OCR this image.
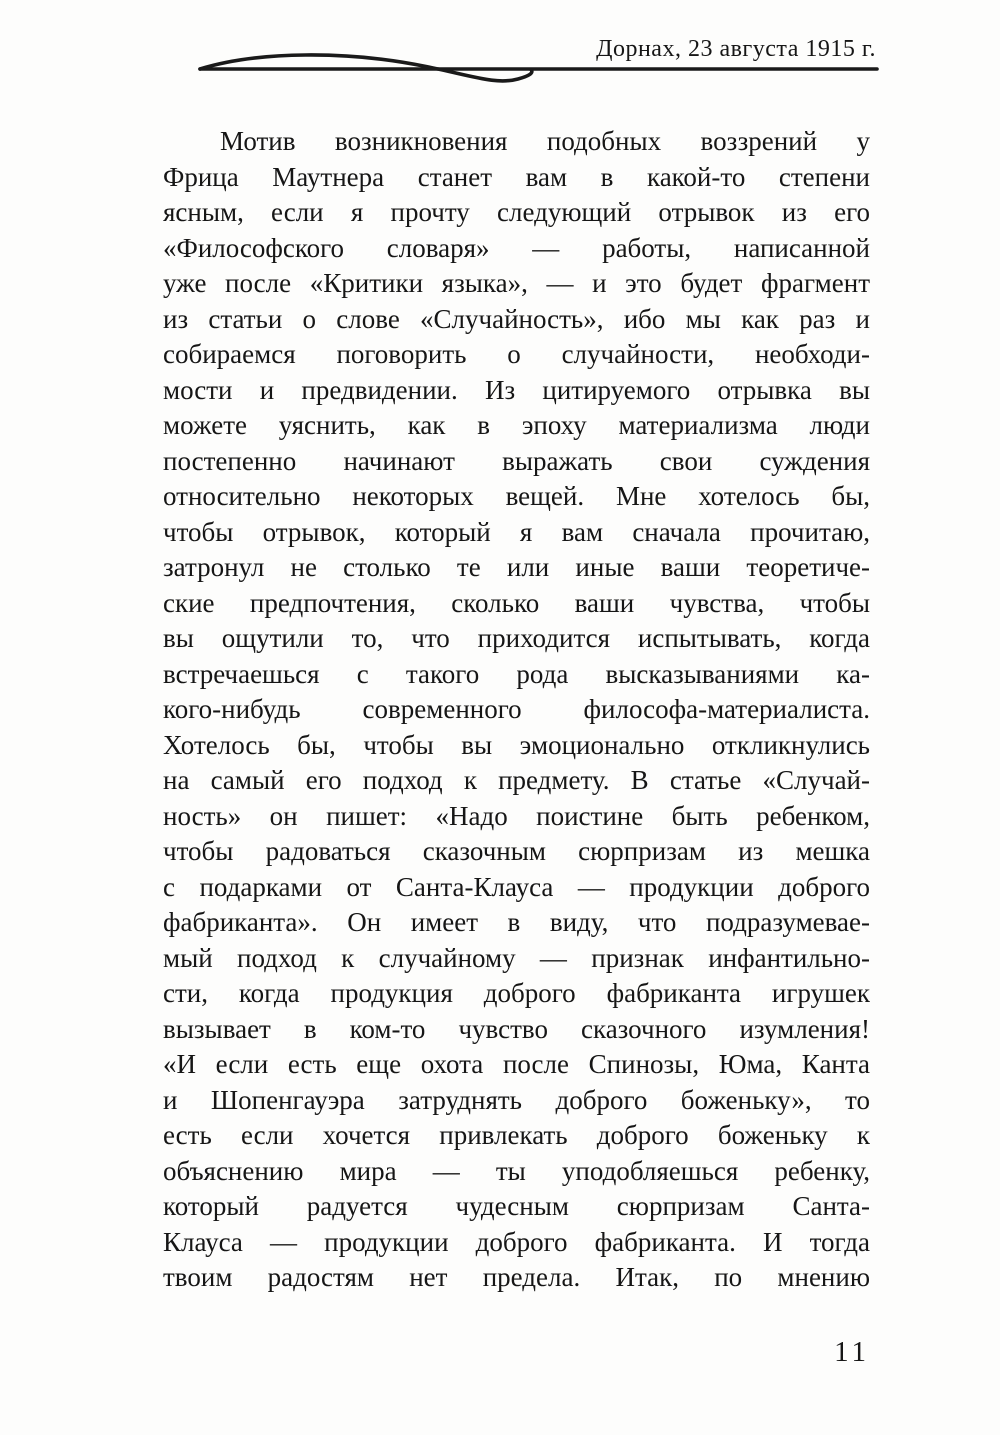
Дорнах, 23 августа 1915 г.
Мотив возникновения подобных воззрений у
Фрица Маутнера станет вам в какой-то степени
ясным, если я прочту следующий отрывок из его
«Философского словаря» — работы, написанной
уже после «Критики языка», — и это будет фрагмент
из статьи о слове «Случайность», ибо мы как раз и
собираемся поговорить о случайности, необходи-
мости и предвидении. Из цитируемого отрывка вы
можете уяснить, как в эпоху материализма люди
постепенно начинают выражать свои суждения
относительно некоторых вещей. Мне хотелось бы,
чтобы отрывок, который я вам сначала прочитаю,
затронул не столько те или иные ваши теоретиче-
ские предпочтения, сколько ваши чувства, чтобы
вы ощутили то, что приходится испытывать, когда
встречаешься с такого рода высказываниями ка-
кого-нибудь современного философа-материалиста.
Хотелось бы, чтобы вы эмоционально откликнулись
на самый его подход к предмету. В статье «Случай-
ность» он пишет: «Надо поистине быть ребенком,
чтобы радоваться сказочным сюрпризам из мешка
с подарками от Санта-Клауса — продукции доброго
фабриканта». Он имеет в виду, что подразумевае-
мый подход к случайному — признак инфантильно-
сти, когда продукция доброго фабриканта игрушек
вызывает в ком-то чувство сказочного изумления!
«И если есть еще охота после Спинозы, Юма, Канта
и Шопенгауэра затруднять доброго боженьку», то
есть если хочется привлекать доброго боженьку к
объяснению мира — ты уподобляешься ребенку,
который радуется чудесным сюрпризам Санта-
Клауса — продукции доброго фабриканта. И тогда
твоим радостям нет предела. Итак, по мнению
11
